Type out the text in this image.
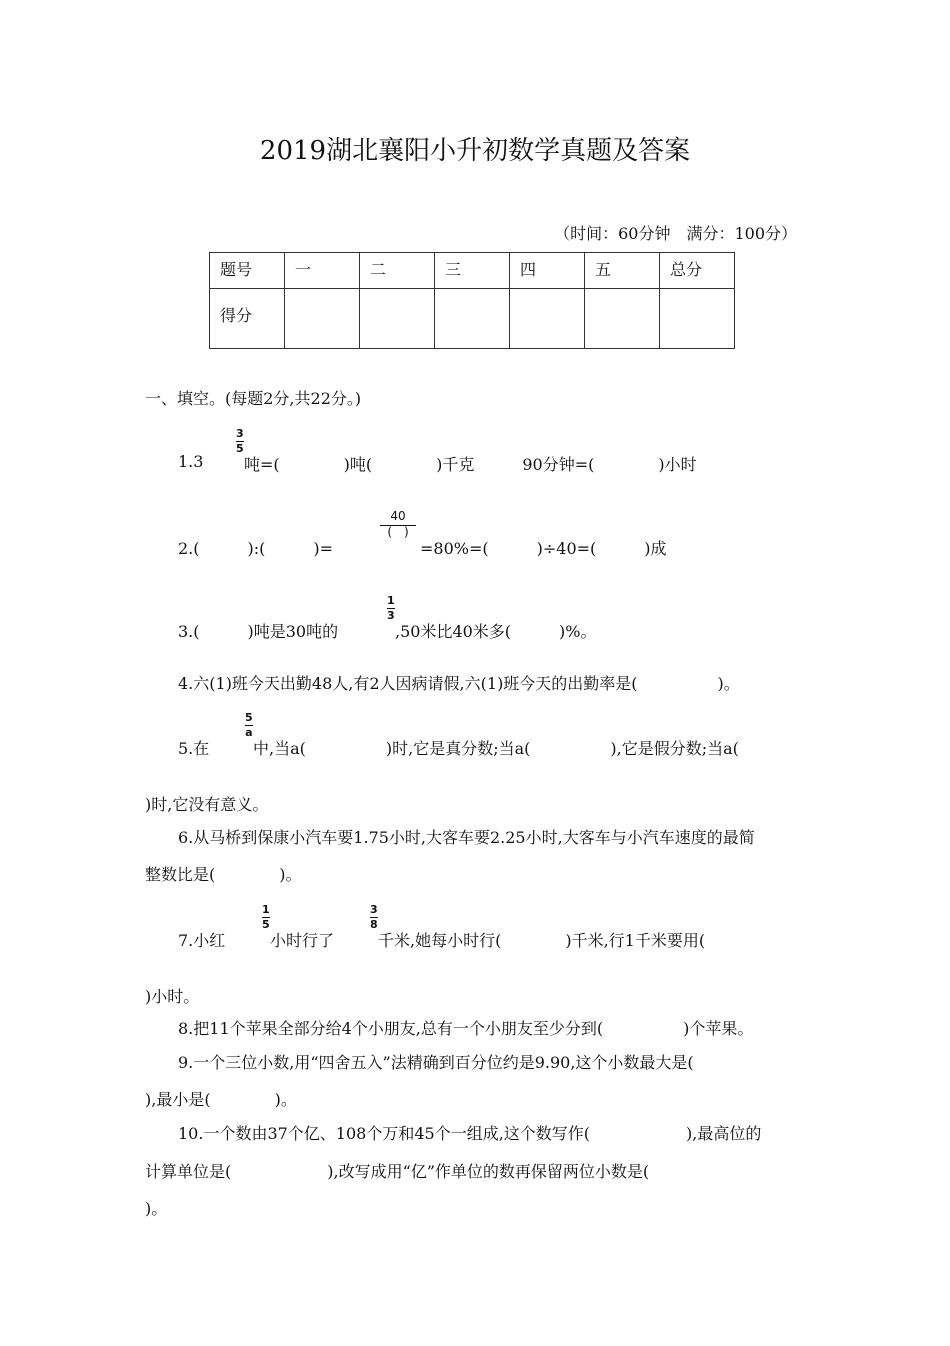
2019湖北襄阳小升初数学真题及答案
（时间：60分钟　满分：100分）
题号	一	二	三	四	五	总分
得分						
一、填空。(每题2分,共22分。)
1.3
$\frac{3}{5}$
吨=(　　　　)吨(　　　　)千克　　　90分钟=(　　　　)小时
2.(　　　):(　　　)=
40
(　)
=80%=(　　　)÷40=(　　　)成
3.(　　　)吨是30吨的
$\frac{1}{3}$
,50米比40米多(　　　)%。
4.六(1)班今天出勤48人,有2人因病请假,六(1)班今天的出勤率是(　　　　　)。
5.在
$\frac{5}{a}$
中,当a(　　　　　)时,它是真分数;当a(　　　　　),它是假分数;当a(
)时,它没有意义。
6.从马桥到保康小汽车要1.75小时,大客车要2.25小时,大客车与小汽车速度的最简
整数比是(　　　　)。
7.小红
$\frac{1}{5}$
小时行了
$\frac{3}{8}$
千米,她每小时行(　　　　)千米,行1千米要用(
)小时。
8.把11个苹果全部分给4个小朋友,总有一个小朋友至少分到(　　　　　)个苹果。
9.一个三位小数,用“四舍五入”法精确到百分位约是9.90,这个小数最大是(
),最小是(　　　　)。
10.一个数由37个亿、108个万和45个一组成,这个数写作(　　　　　　),最高位的
计算单位是(　　　　　　),改写成用“亿”作单位的数再保留两位小数是(
)。
